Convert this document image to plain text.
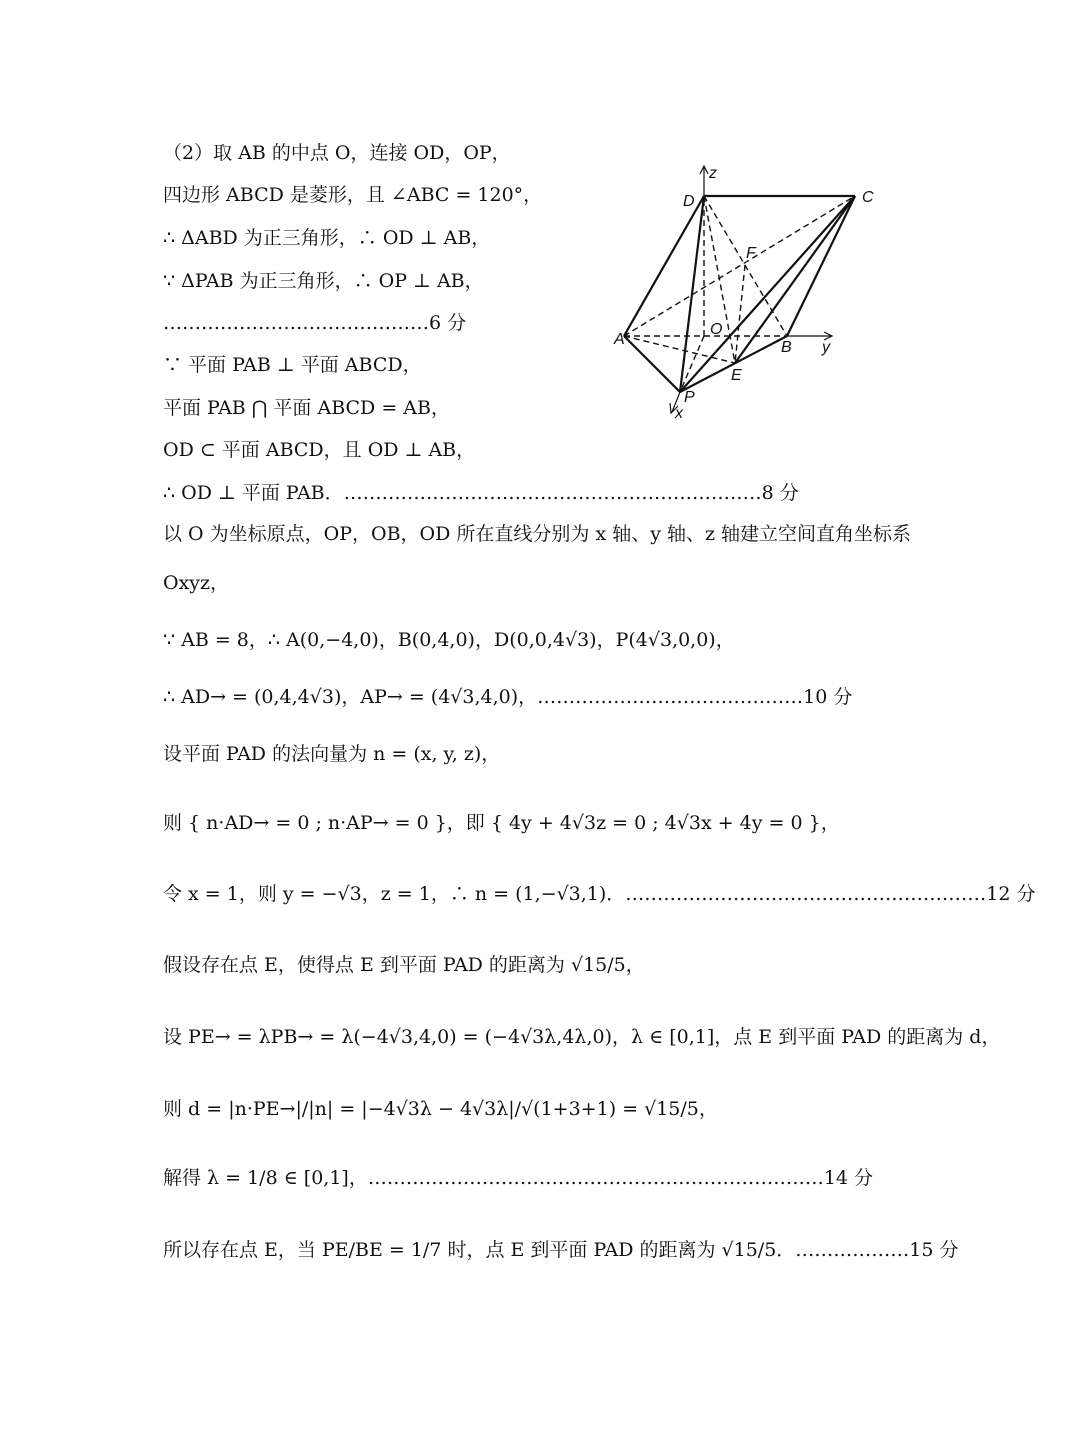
（2）取 AB 的中点 O，连接 OD，OP，
四边形 ABCD 是菱形，且 ∠ABC = 120°，
∴ ΔABD 为正三角形，∴ OD ⊥ AB，
∵ ΔPAB 为正三角形，∴ OP ⊥ AB，
……………………………………6 分
∵ 平面 PAB ⊥ 平面 ABCD，
平面 PAB ⋂ 平面 ABCD = AB，
OD ⊂ 平面 ABCD，且 OD ⊥ AB，
∴ OD ⊥ 平面 PAB．…………………………………………………………8 分
以 O 为坐标原点，OP，OB，OD 所在直线分别为 x 轴、y 轴、z 轴建立空间直角坐标系
Oxyz，
∵ AB = 8，∴ A(0,−4,0)，B(0,4,0)，D(0,0,4√3)，P(4√3,0,0)，
∴ AD→ = (0,4,4√3)，AP→ = (4√3,4,0)，……………………………………10 分
设平面 PAD 的法向量为 n = (x, y, z)，
则 { n·AD→ = 0 ; n·AP→ = 0 }，即 { 4y + 4√3z = 0 ; 4√3x + 4y = 0 }，
令 x = 1，则 y = −√3，z = 1，∴ n = (1,−√3,1)．…………………………………………………12 分
假设存在点 E，使得点 E 到平面 PAD 的距离为 √15/5，
设 PE→ = λPB→ = λ(−4√3,4,0) = (−4√3λ,4λ,0)，λ ∈ [0,1]，点 E 到平面 PAD 的距离为 d，
则 d = |n·PE→|/|n| = |−4√3λ − 4√3λ|/√(1+3+1) = √15/5，
解得 λ = 1/8 ∈ [0,1]，………………………………………………………………14 分
所以存在点 E，当 PE/BE = 1/7 时，点 E 到平面 PAD 的距离为 √15/5．………………15 分
z
D	C
F
A
O
B y
E
P
x
